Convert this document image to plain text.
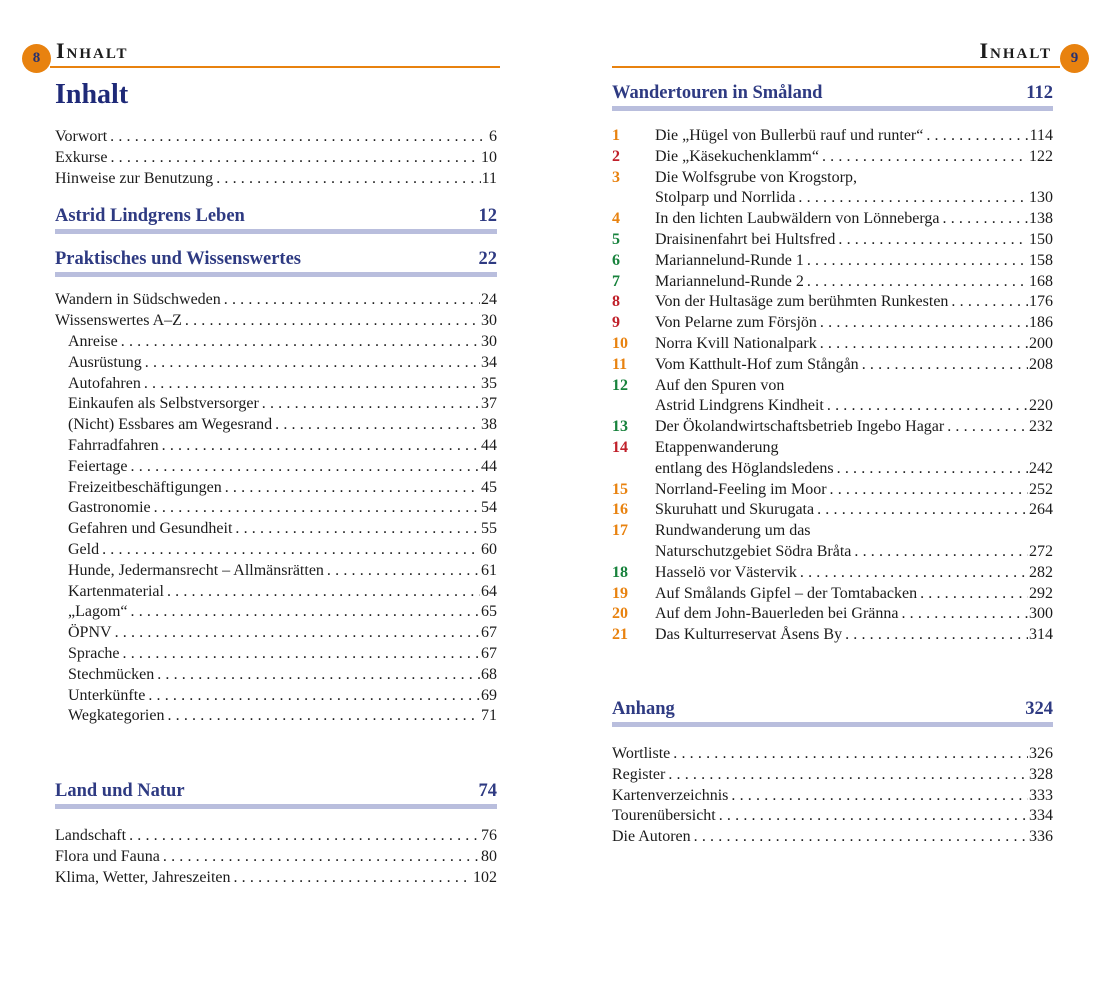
8 Inhalt	Inhalt	9
Inhalt
Vorwort .....	6
Exkurse .....	10
Hinweise zur Benutzung .....	11
Astrid Lindgrens Leben	12
Praktisches und Wissenswertes	22
Wandern in Südschweden .....	24
Wissenswertes A–Z .....	30
Anreise .....	30
Ausrüstung .....	34
Autofahren .....	35
Einkaufen als Selbstversorger .....	37
(Nicht) Essbares am Wegesrand .....	38
Fahrradfahren .....	44
Feiertage .....	44
Freizeitbeschäftigungen .....	45
Gastronomie .....	54
Gefahren und Gesundheit .....	55
Geld .....	60
Hunde, Jedermansrecht – Allmänsrätten .....	61
Kartenmaterial .....	64
„Lagom“ .....	65
ÖPNV .....	67
Sprache .....	67
Stechmücken .....	68
Unterkünfte .....	69
Wegkategorien .....	71
Land und Natur	74
Landschaft .....	76
Flora und Fauna .....	80
Klima, Wetter, Jahreszeiten .....	102
Wandertouren in Småland	112
1	Die „Hügel von Bullerbü rauf und runter“ .....	114
2	Die „Käsekuchenklamm“ .....	122
3	Die Wolfsgrube von Krogstorp,
Stolparp und Norrlida .....	130
4	In den lichten Laubwäldern von Lönneberga .....	138
5	Draisinenfahrt bei Hultsfred .....	150
6	Mariannelund-Runde 1 .....	158
7	Mariannelund-Runde 2 .....	168
8	Von der Hultasäge zum berühmten Runkesten .....	176
9	Von Pelarne zum Försjön .....	186
10	Norra Kvill Nationalpark .....	200
11	Vom Katthult-Hof zum Stångån .....	208
12	Auf den Spuren von
Astrid Lindgrens Kindheit .....	220
13	Der Ökolandwirtschaftsbetrieb Ingebo Hagar .....	232
14	Etappenwanderung
entlang des Höglandsledens .....	242
15	Norrland-Feeling im Moor .....	252
16	Skuruhatt und Skurugata .....	264
17	Rundwanderung um das
Naturschutzgebiet Södra Bråta .....	272
18	Hasselö vor Västervik .....	282
19	Auf Smålands Gipfel – der Tomtabacken .....	292
20	Auf dem John-Bauerleden bei Gränna .....	300
21	Das Kulturreservat Åsens By .....	314
Anhang	324
Wortliste .....	326
Register .....	328
Kartenverzeichnis .....	333
Tourenübersicht .....	334
Die Autoren .....	336
